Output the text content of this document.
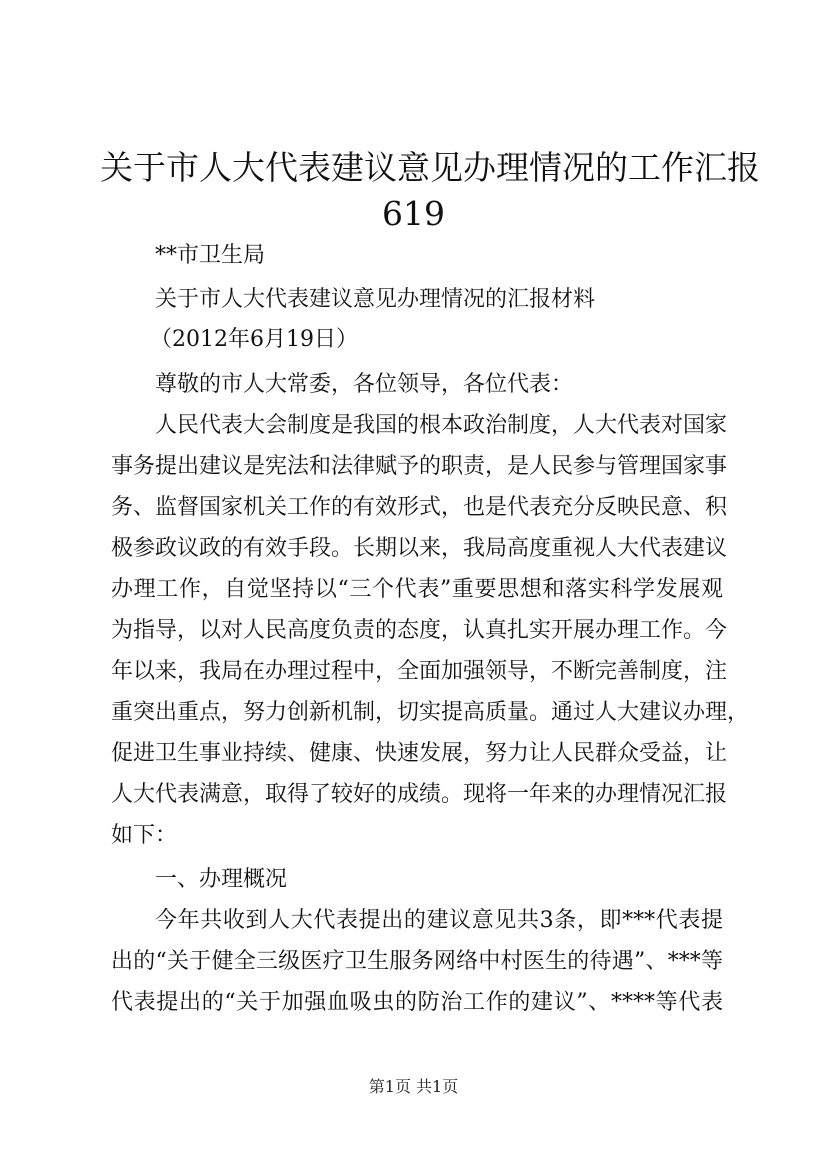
关于市人大代表建议意见办理情况的工作汇报
619
**市卫生局
关于市人大代表建议意见办理情况的汇报材料
（2012年6月19日）
尊敬的市人大常委，各位领导，各位代表：
人民代表大会制度是我国的根本政治制度，人大代表对国家
事务提出建议是宪法和法律赋予的职责，是人民参与管理国家事
务、监督国家机关工作的有效形式，也是代表充分反映民意、积
极参政议政的有效手段。长期以来，我局高度重视人大代表建议
办理工作，自觉坚持以“三个代表”重要思想和落实科学发展观
为指导，以对人民高度负责的态度，认真扎实开展办理工作。今
年以来，我局在办理过程中，全面加强领导，不断完善制度，注
重突出重点，努力创新机制，切实提高质量。通过人大建议办理，
促进卫生事业持续、健康、快速发展，努力让人民群众受益，让
人大代表满意，取得了较好的成绩。现将一年来的办理情况汇报
如下：
一、办理概况
今年共收到人大代表提出的建议意见共3条，即***代表提
出的“关于健全三级医疗卫生服务网络中村医生的待遇”、***等
代表提出的“关于加强血吸虫的防治工作的建议”、****等代表
第1页 共1页
